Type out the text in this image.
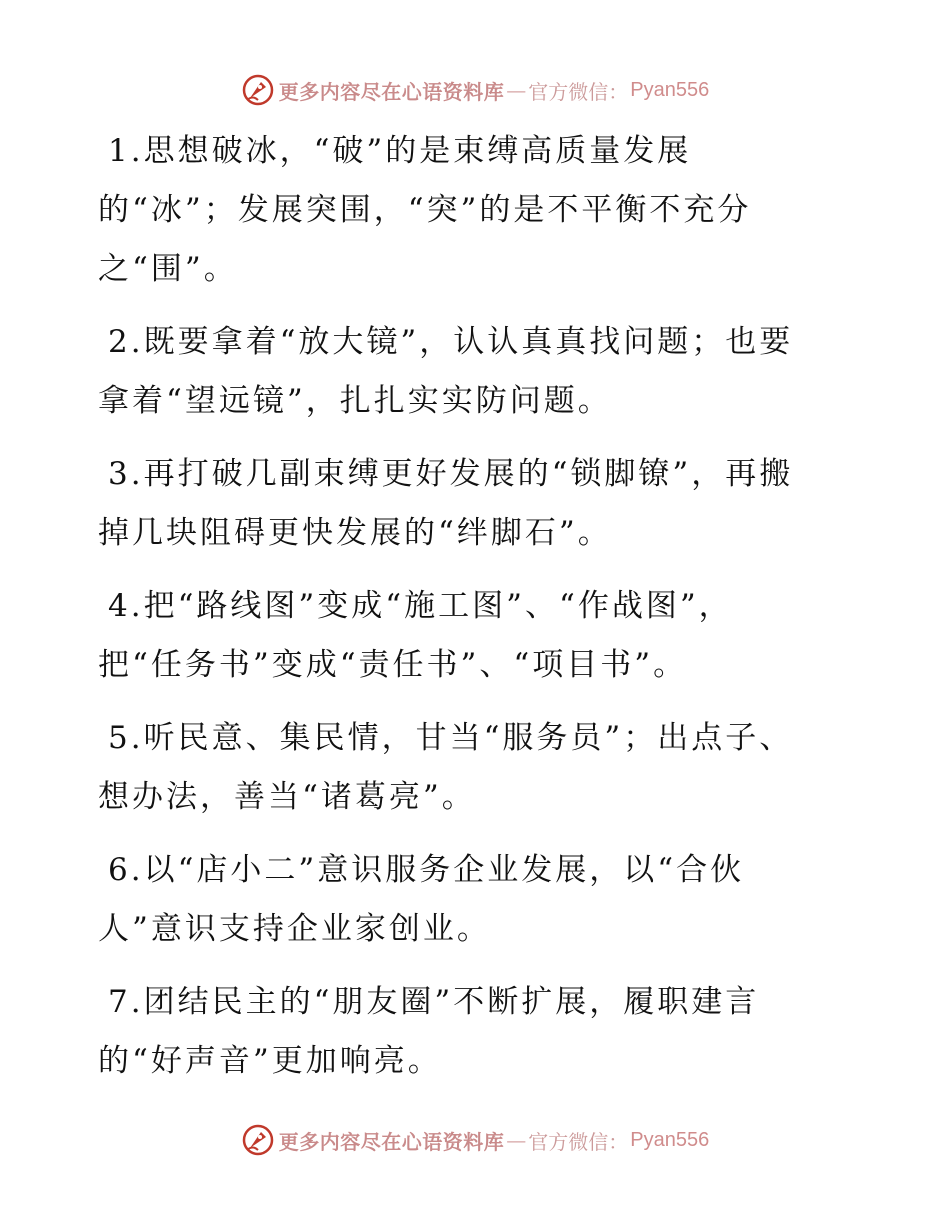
更多内容尽在心语资料库 — 官方微信： Pyan556

1.思想破冰，“破”的是束缚高质量发展
的“冰”；发展突围，“突”的是不平衡不充分
之“围”。

2.既要拿着“放大镜”，认认真真找问题；也要
拿着“望远镜”，扎扎实实防问题。

3.再打破几副束缚更好发展的“锁脚镣”，再搬
掉几块阻碍更快发展的“绊脚石”。

4.把“路线图”变成“施工图”、“作战图”，
把“任务书”变成“责任书”、“项目书”。

5.听民意、集民情，甘当“服务员”；出点子、
想办法，善当“诸葛亮”。

6.以“店小二”意识服务企业发展，以“合伙
人”意识支持企业家创业。

7.团结民主的“朋友圈”不断扩展，履职建言
的“好声音”更加响亮。

更多内容尽在心语资料库 — 官方微信： Pyan556
